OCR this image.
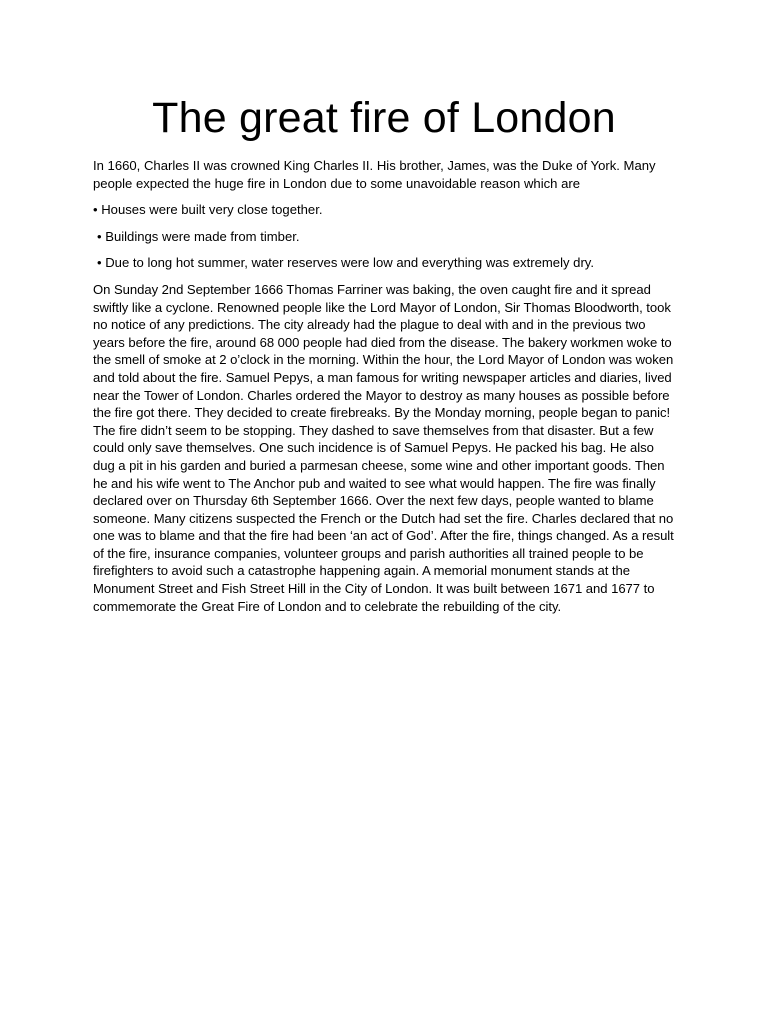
The great fire of London

In 1660, Charles II was crowned King Charles II. His brother, James, was the Duke of York. Many people expected the huge fire in London due to some unavoidable reason which are

• Houses were built very close together.

• Buildings were made from timber.

• Due to long hot summer, water reserves were low and everything was extremely dry.

On Sunday 2nd September 1666 Thomas Farriner was baking, the oven caught fire and it spread swiftly like a cyclone. Renowned people like the Lord Mayor of London, Sir Thomas Bloodworth, took no notice of any predictions. The city already had the plague to deal with and in the previous two years before the fire, around 68 000 people had died from the disease. The bakery workmen woke to the smell of smoke at 2 o’clock in the morning. Within the hour, the Lord Mayor of London was woken and told about the fire. Samuel Pepys, a man famous for writing newspaper articles and diaries, lived near the Tower of London. Charles ordered the Mayor to destroy as many houses as possible before the fire got there. They decided to create firebreaks. By the Monday morning, people began to panic! The fire didn’t seem to be stopping. They dashed to save themselves from that disaster. But a few could only save themselves. One such incidence is of Samuel Pepys. He packed his bag. He also dug a pit in his garden and buried a parmesan cheese, some wine and other important goods. Then he and his wife went to The Anchor pub and waited to see what would happen. The fire was finally declared over on Thursday 6th September 1666. Over the next few days, people wanted to blame someone. Many citizens suspected the French or the Dutch had set the fire. Charles declared that no one was to blame and that the fire had been ‘an act of God’. After the fire, things changed. As a result of the fire, insurance companies, volunteer groups and parish authorities all trained people to be firefighters to avoid such a catastrophe happening again. A memorial monument stands at the Monument Street and Fish Street Hill in the City of London. It was built between 1671 and 1677 to commemorate the Great Fire of London and to celebrate the rebuilding of the city.
